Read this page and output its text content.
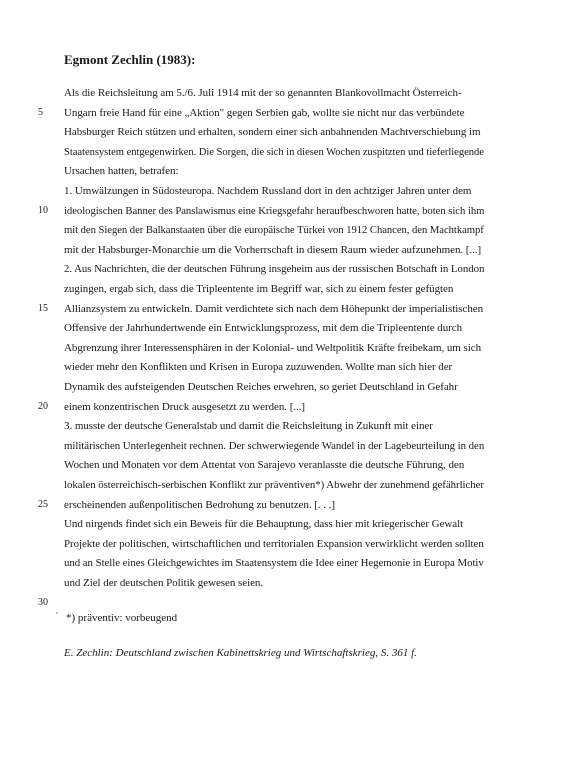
Egmont Zechlin (1983):
Als die Reichsleitung am 5./6. Juli 1914 mit der so genannten Blankovollmacht Österreich-
Ungarn freie Hand für eine „Aktion" gegen Serbien gab, wollte sie nicht nur das verbündete
Habsburger Reich stützen und erhalten, sondern einer sich anbahnenden Machtverschiebung im
Staatensystem entgegenwirken. Die Sorgen, die sich in diesen Wochen zuspitzten und tieferliegende
Ursachen hatten, betrafen:
1. Umwälzungen in Südosteuropa. Nachdem Russland dort in den achtziger Jahren unter dem
ideologischen Banner des Panslawismus eine Kriegsgefahr heraufbeschworen hatte, boten sich ihm
mit den Siegen der Balkanstaaten über die europäische Türkei von 1912 Chancen, den Machtkampf
mit der Habsburger-Monarchie um die Vorherrschaft in diesem Raum wieder aufzunehmen. [...]
2. Aus Nachrichten, die der deutschen Führung insgeheim aus der russischen Botschaft in London
zugingen, ergab sich, dass die Tripleentente im Begriff war, sich zu einem fester gefügten
Allianzsystem zu entwickeln. Damit verdichtete sich nach dem Höhepunkt der imperialistischen
Offensive der Jahrhundertwende ein Entwicklungsprozess, mit dem die Tripleentente durch
Abgrenzung ihrer Interessensphären in der Kolonial- und Weltpolitik Kräfte freibekam, um sich
wieder mehr den Konflikten und Krisen in Europa zuzuwenden. Wollte man sich hier der
Dynamik des aufsteigenden Deutschen Reiches erwehren, so geriet Deutschland in Gefahr
einem konzentrischen Druck ausgesetzt zu werden. [...]
3. musste der deutsche Generalstab und damit die Reichsleitung in Zukunft mit einer
militärischen Unterlegenheit rechnen. Der schwerwiegende Wandel in der Lagebeurteilung in den
Wochen und Monaten vor dem Attentat von Sarajevo veranlasste die deutsche Führung, den
lokalen österreichisch-serbischen Konflikt zur präventiven*) Abwehr der zunehmend gefährlicher
erscheinenden außenpolitischen Bedrohung zu benutzen. [. . .]
Und nirgends findet sich ein Beweis für die Behauptung, dass hier mit kriegerischer Gewalt
Projekte der politischen, wirtschaftlichen und territorialen Expansion verwirklicht werden sollten
und an Stelle eines Gleichgewichtes im Staatensystem die Idee einer Hegemonie in Europa Motiv
und Ziel der deutschen Politik gewesen seien.
5
10
15
20
25
30
*) präventiv: vorbeugend
E. Zechlin: Deutschland zwischen Kabinettskrieg und Wirtschaftskrieg, S. 361 f.
